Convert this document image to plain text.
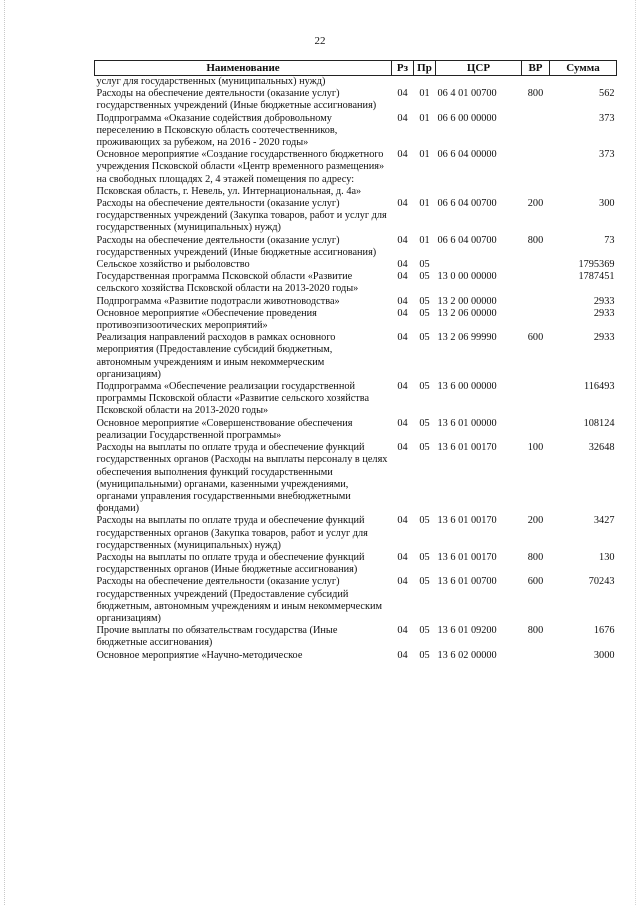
22
Наименование	Рз	Пр	ЦСР	ВР	Сумма
услуг для государственных (муниципальных) нужд)					
Расходы на обеспечение деятельности (оказание услуг) государственных учреждений (Иные бюджетные ассигнования)	04	01	06 4 01 00700	800	562
Подпрограмма «Оказание содействия добровольному переселению в Псковскую область соотечественников, проживающих за рубежом, на 2016 - 2020 годы»	04	01	06 6 00 00000		373
Основное мероприятие «Создание государственного бюджетного учреждения Псковской области «Центр временного размещения» на свободных площадях 2, 4 этажей помещения по адресу: Псковская область, г. Невель, ул. Интернациональная, д. 4а»	04	01	06 6 04 00000		373
Расходы на обеспечение деятельности (оказание услуг) государственных учреждений (Закупка товаров, работ и услуг для государственных (муниципальных) нужд)	04	01	06 6 04 00700	200	300
Расходы на обеспечение деятельности (оказание услуг) государственных учреждений (Иные бюджетные ассигнования)	04	01	06 6 04 00700	800	73
Сельское хозяйство и рыболовство	04	05			1795369
Государственная программа Псковской области «Развитие сельского хозяйства Псковской области на 2013-2020 годы»	04	05	13 0 00 00000		1787451
Подпрограмма «Развитие подотрасли животноводства»	04	05	13 2 00 00000		2933
Основное мероприятие «Обеспечение проведения противоэпизоотических мероприятий»	04	05	13 2 06 00000		2933
Реализация направлений расходов в рамках основного мероприятия (Предоставление субсидий бюджетным, автономным учреждениям и иным некоммерческим организациям)	04	05	13 2 06 99990	600	2933
Подпрограмма «Обеспечение реализации государственной программы Псковской области «Развитие сельского хозяйства Псковской области на 2013-2020 годы»	04	05	13 6 00 00000		116493
Основное мероприятие «Совершенствование обеспечения реализации Государственной программы»	04	05	13 6 01 00000		108124
Расходы на выплаты по оплате труда и обеспечение функций государственных органов (Расходы на выплаты персоналу в целях обеспечения выполнения функций государственными (муниципальными) органами, казенными учреждениями, органами управления государственными внебюджетными фондами)	04	05	13 6 01 00170	100	32648
Расходы на выплаты по оплате труда и обеспечение функций государственных органов (Закупка товаров, работ и услуг для государственных (муниципальных) нужд)	04	05	13 6 01 00170	200	3427
Расходы на выплаты по оплате труда и обеспечение функций государственных органов (Иные бюджетные ассигнования)	04	05	13 6 01 00170	800	130
Расходы на обеспечение деятельности (оказание услуг) государственных учреждений (Предоставление субсидий бюджетным, автономным учреждениям и иным некоммерческим организациям)	04	05	13 6 01 00700	600	70243
Прочие выплаты по обязательствам государства (Иные бюджетные ассигнования)	04	05	13 6 01 09200	800	1676
Основное мероприятие «Научно-методическое	04	05	13 6 02 00000		3000
